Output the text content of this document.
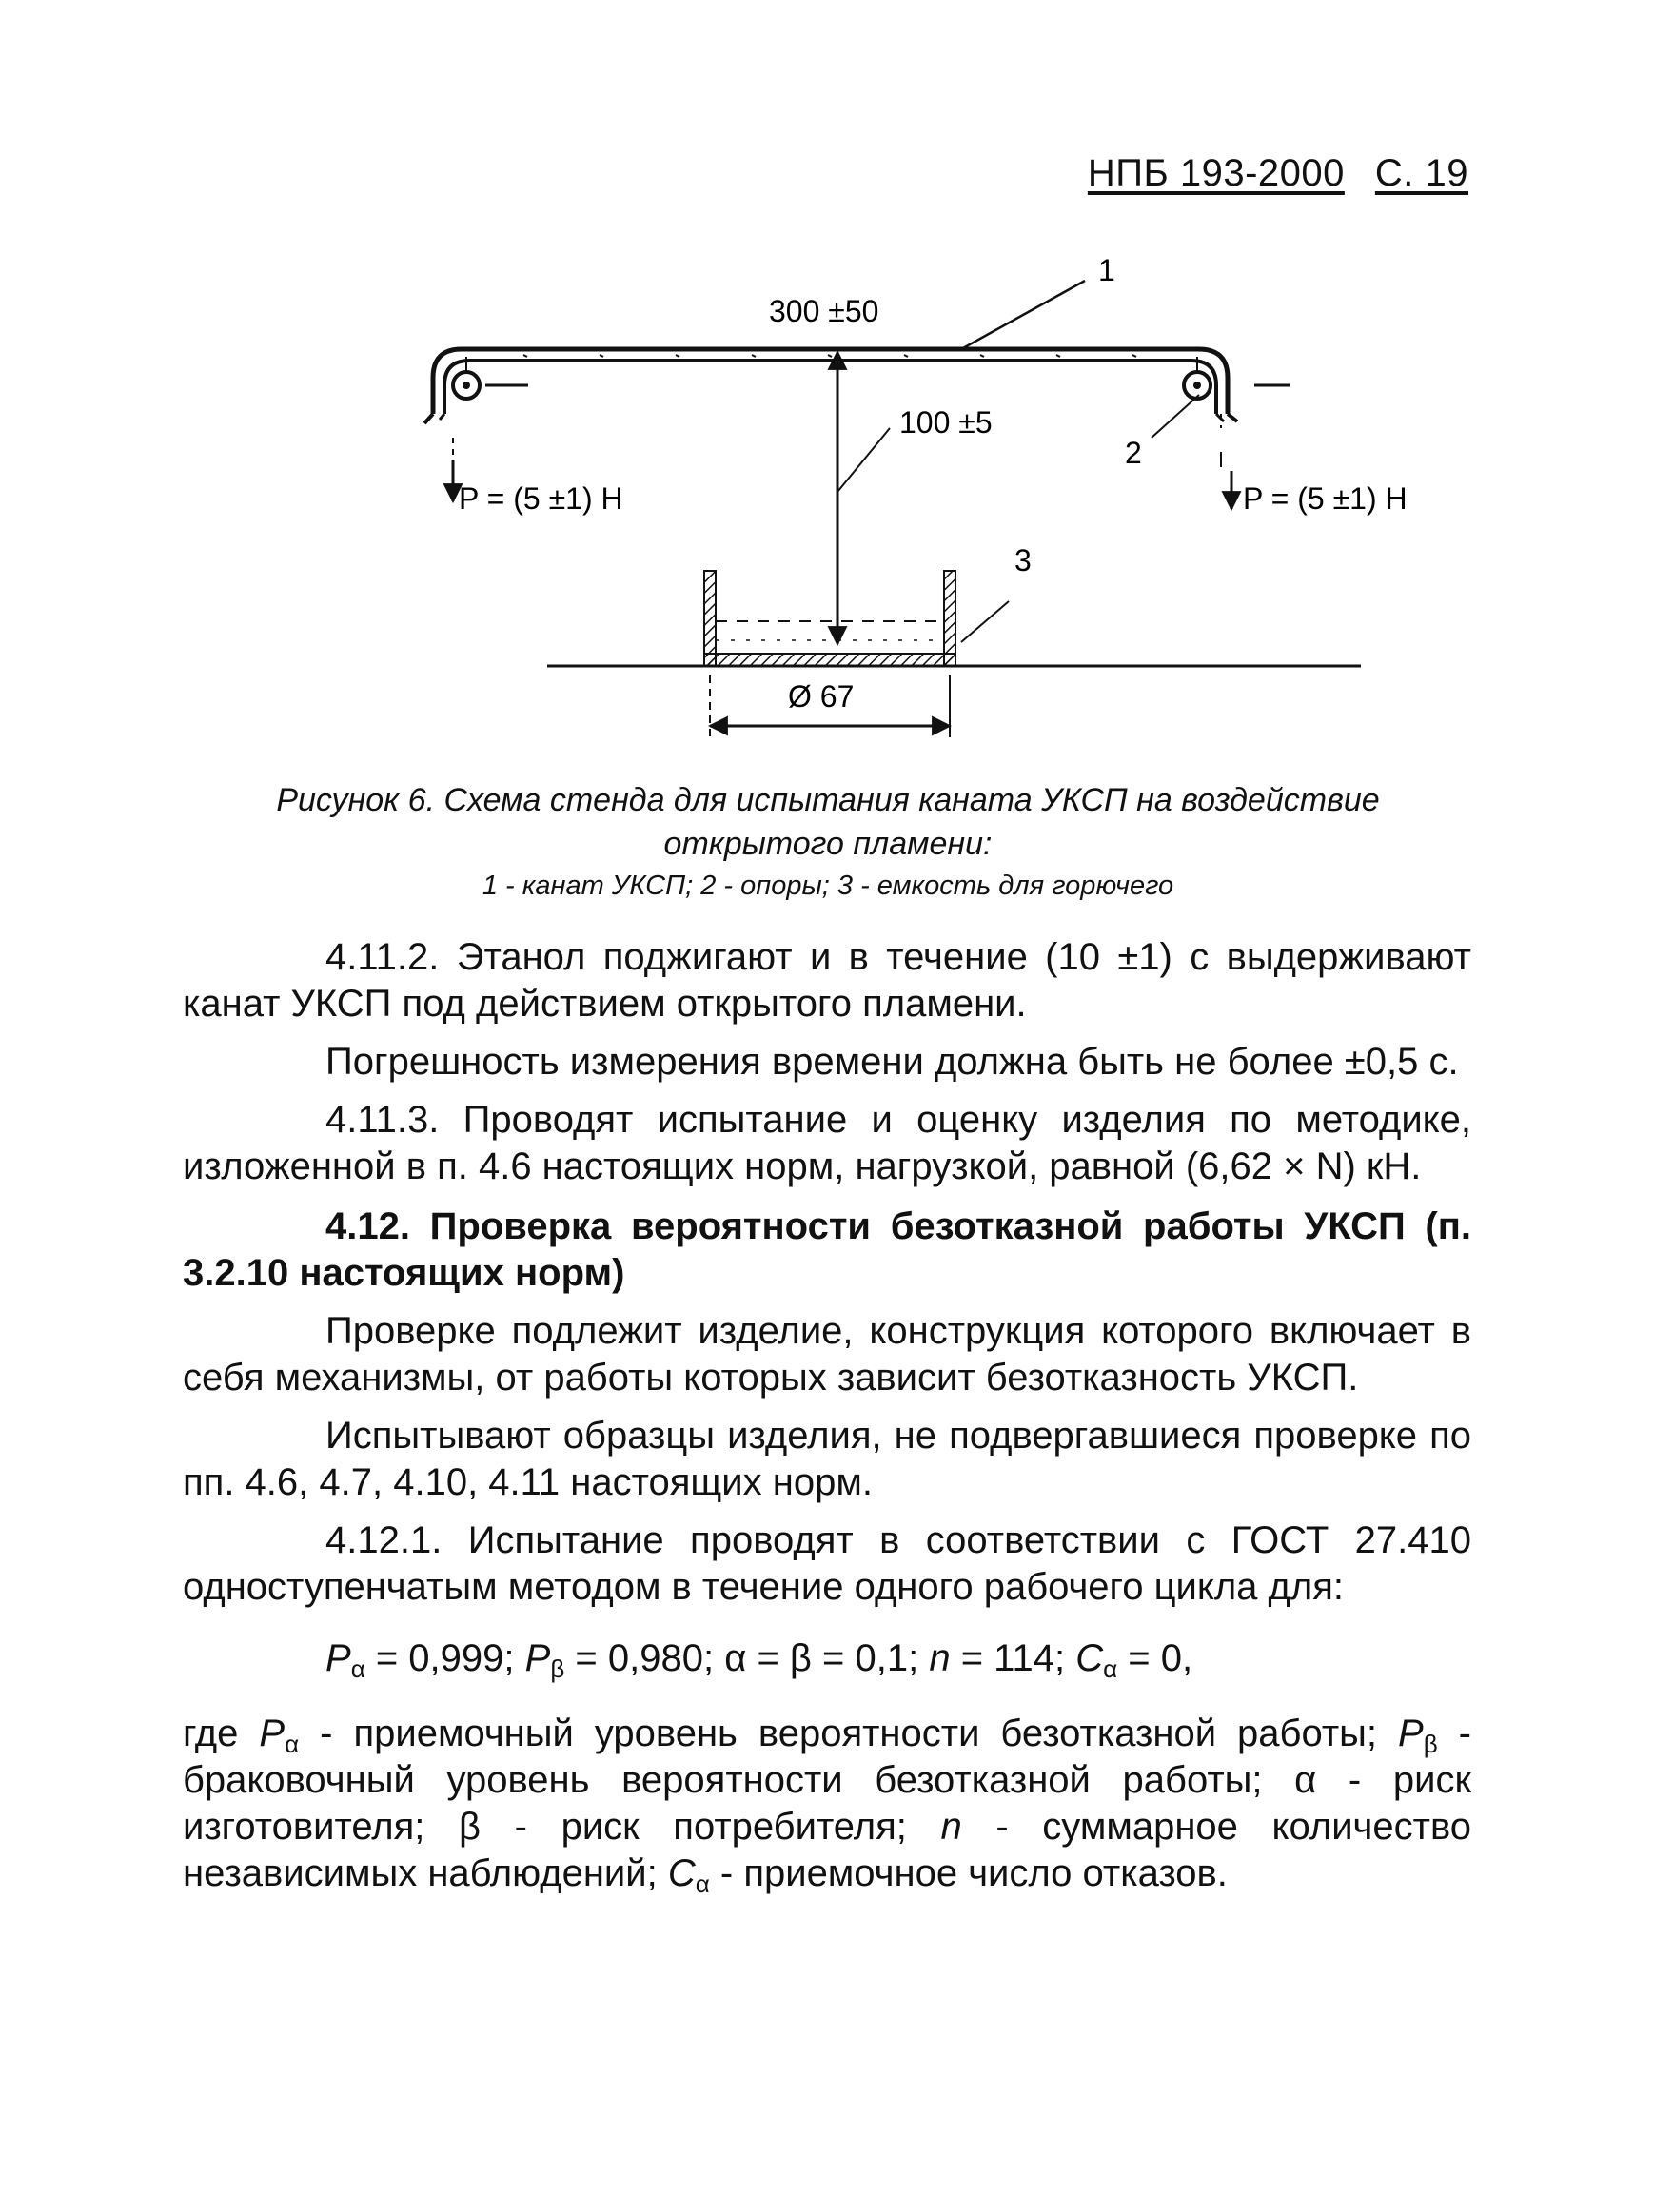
НПБ 193-2000 С. 19
1
300 ±50
100 ±5
2
P = (5 ±1) H	P = (5 ±1) H
3
Ø 67
Рисунок 6. Схема стенда для испытания каната УКСП на воздействие
открытого пламени:
1 - канат УКСП; 2 - опоры; 3 - емкость для горючего

4.11.2. Этанол поджигают и в течение (10 ±1) с выдерживают канат УКСП под действием открытого пламени.

Погрешность измерения времени должна быть не более ±0,5 с.

4.11.3. Проводят испытание и оценку изделия по методике, изложенной в п. 4.6 настоящих норм, нагрузкой, равной (6,62 × N) кН.

4.12. Проверка вероятности безотказной работы УКСП (п. 3.2.10 настоящих норм)

Проверке подлежит изделие, конструкция которого включает в себя механизмы, от работы которых зависит безотказность УКСП.

Испытывают образцы изделия, не подвергавшиеся проверке по пп. 4.6, 4.7, 4.10, 4.11 настоящих норм.

4.12.1. Испытание проводят в соответствии с ГОСТ 27.410 одноступенчатым методом в течение одного рабочего цикла для:

$P_\alpha = 0,999$; $P_\beta = 0,980$; α = β = 0,1; n = 114; $C_\alpha = 0$,

где $P_\alpha$ - приемочный уровень вероятности безотказной работы; $P_\beta$ - браковочный уровень вероятности безотказной работы; α - риск изготовителя; β - риск потребителя; n - суммарное количество независимых наблюдений; $C_\alpha$ - приемочное число отказов.
